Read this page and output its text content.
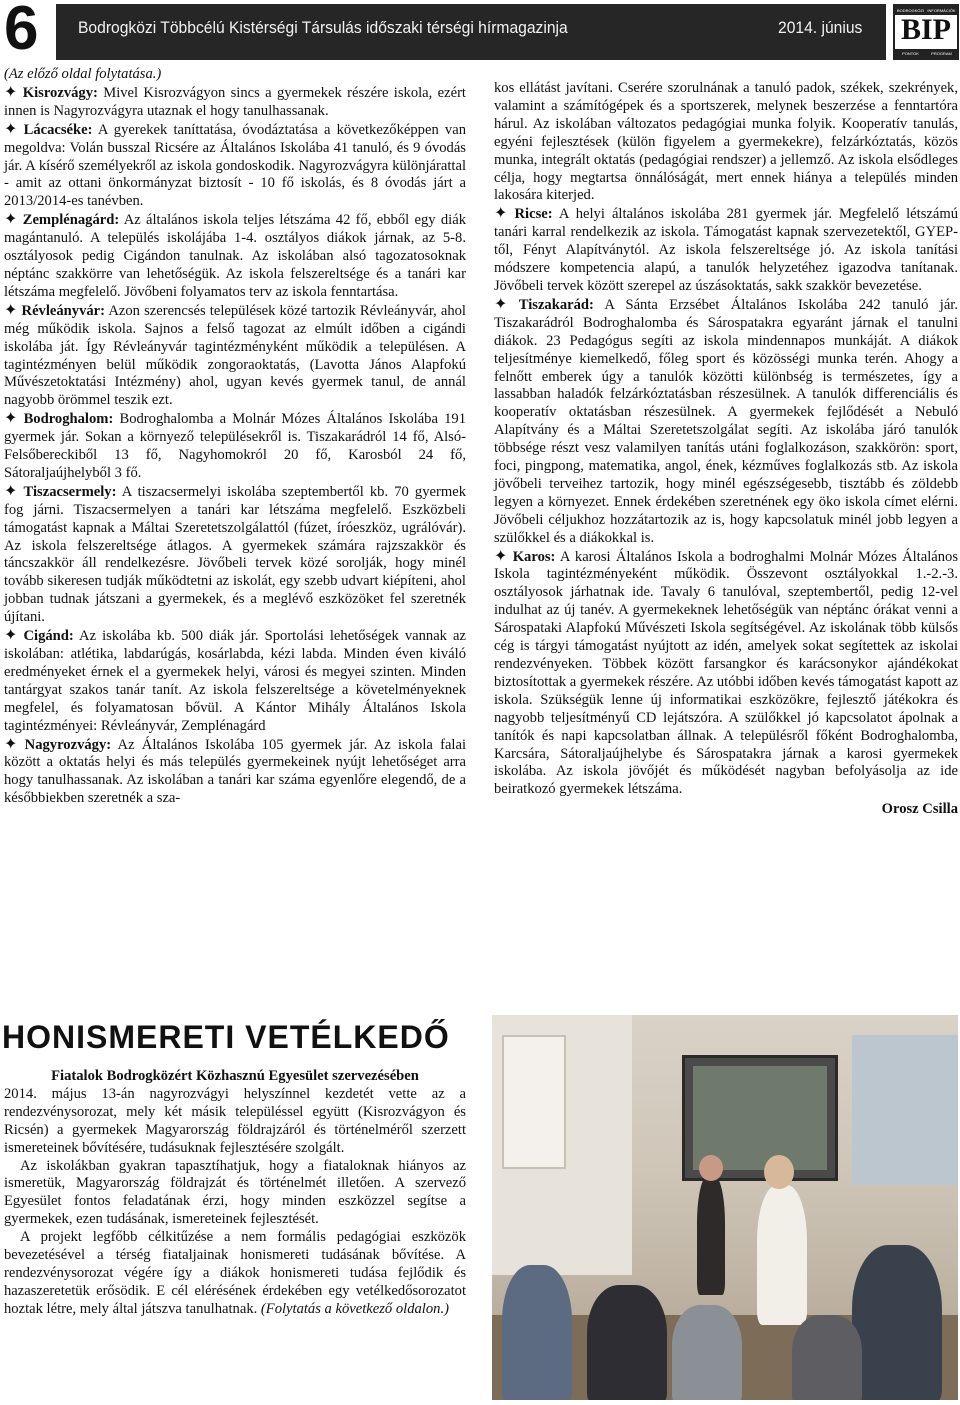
6 Bodrogközi Többcélú Kistérségi Társulás időszaki térségi hírmagazinja	2014. június
BODROGKÖZI INFORMÁCIÓK
BIP
PONTOK	PROGRAM

(Az előző oldal folytatása.)

✦ Kisrozvágy: Mivel Kisrozvágyon sincs a gyermekek részére iskola, ezért innen is Nagyrozvágyra utaznak el hogy tanulhassanak.

✦ Lácacséke: A gyerekek taníttatása, óvodáztatása a következőképpen van megoldva: Volán busszal Ricsére az Általános Iskolába 41 tanuló, és 9 óvodás jár. A kísérő személyekről az iskola gondoskodik. Nagyrozvágyra különjárattal - amit az ottani önkormányzat biztosít - 10 fő iskolás, és 8 óvodás járt a 2013/2014-es tanévben.

✦ Zemplénagárd: Az általános iskola teljes létszáma 42 fő, ebből egy diák magántanuló. A település iskolájába 1-4. osztályos diákok járnak, az 5-8. osztályosok pedig Cigándon tanulnak. Az iskolában alsó tagozatosoknak néptánc szakkörre van lehetőségük. Az iskola felszereltsége és a tanári kar létszáma megfelelő. Jövőbeni folyamatos terv az iskola fenntartása.

✦ Révleányvár: Azon szerencsés települések közé tartozik Révleányvár, ahol még működik iskola. Sajnos a felső tagozat az elmúlt időben a cigándi iskolába ját. Így Révleányvár tagintézményként működik a településen. A tagintézményen belül működik zongoraoktatás, (Lavotta János Alapfokú Művészetoktatási Intézmény) ahol, ugyan kevés gyermek tanul, de annál nagyobb örömmel teszik ezt.

✦ Bodroghalom: Bodroghalomba a Molnár Mózes Általános Iskolába 191 gyermek jár. Sokan a környező településekről is. Tiszakarádról 14 fő, Alsó-Felsőbereckiből 13 fő, Nagyhomokról 20 fő, Karosból 24 fő, Sátoraljaújhelyből 3 fő.

✦ Tiszacsermely: A tiszacsermelyi iskolába szeptembertől kb. 70 gyermek fog járni. Tiszacsermelyen a tanári kar létszáma megfelelő. Eszközbeli támogatást kapnak a Máltai Szeretetszolgálattól (fúzet, íróeszköz, ugrálóvár). Az iskola felszereltsége átlagos. A gyermekek számára rajzszakkör és táncszakkör áll rendelkezésre. Jövőbeli tervek közé sorolják, hogy minél tovább sikeresen tudják működtetni az iskolát, egy szebb udvart kiépíteni, ahol jobban tudnak játszani a gyermekek, és a meglévő eszközöket fel szeretnék újítani.

✦ Cigánd: Az iskolába kb. 500 diák jár. Sportolási lehetőségek vannak az iskolában: atlétika, labdarúgás, kosárlabda, kézi labda. Minden éven kiváló eredményeket érnek el a gyermekek helyi, városi és megyei szinten. Minden tantárgyat szakos tanár tanít. Az iskola felszereltsége a követelményeknek megfelel, és folyamatosan bővül. A Kántor Mihály Általános Iskola tagintézményei: Révleányvár, Zemplénagárd

✦ Nagyrozvágy: Az Általános Iskolába 105 gyermek jár. Az iskola falai között a oktatás helyi és más település gyermekeinek nyújt lehetőséget arra hogy tanulhassanak. Az iskolában a tanári kar száma egyenlőre elegendő, de a későbbiekben szeretnék a sza-

kos ellátást javítani. Cserére szorulnának a tanuló padok, székek, szekrények, valamint a számítógépek és a sportszerek, melynek beszerzése a fenntartóra hárul. Az iskolában változatos pedagógiai munka folyik. Kooperatív tanulás, egyéni fejlesztések (külön figyelem a gyermekekre), felzárkóztatás, közös munka, integrált oktatás (pedagógiai rendszer) a jellemző. Az iskola elsődleges célja, hogy megtartsa önnálóságát, mert ennek hiánya a település minden lakosára kiterjed.

✦ Ricse: A helyi általános iskolába 281 gyermek jár. Megfelelő létszámú tanári karral rendelkezik az iskola. Támogatást kapnak szervezetektől, GYEP-től, Fényt Alapítványtól. Az iskola felszereltsége jó. Az iskola tanítási módszere kompetencia alapú, a tanulók helyzetéhez igazodva tanítanak. Jövőbeli tervek között szerepel az úszásoktatás, sakk szakkör bevezetése.

✦ Tiszakarád: A Sánta Erzsébet Általános Iskolába 242 tanuló jár. Tiszakarádról Bodroghalomba és Sárospatakra egyaránt járnak el tanulni diákok. 23 Pedagógus segíti az iskola mindennapos munkáját. A diákok teljesítménye kiemelkedő, főleg sport és közösségi munka terén. Ahogy a felnőtt emberek úgy a tanulók közötti különbség is természetes, így a lassabban haladók felzárkóztatásban részesülnek. A tanulók differenciális és kooperatív oktatásban részesülnek. A gyermekek fejlődését a Nebuló Alapítvány és a Máltai Szeretetszolgálat segíti. Az iskolába járó tanulók többsége részt vesz valamilyen tanítás utáni foglalkozáson, szakkörön: sport, foci, pingpong, matematika, angol, ének, kézműves foglalkozás stb. Az iskola jövőbeli terveihez tartozik, hogy minél egészségesebb, tisztább és zöldebb legyen a környezet. Ennek érdekében szeretnének egy öko iskola címet elérni. Jövőbeli céljukhoz hozzátartozik az is, hogy kapcsolatuk minél jobb legyen a szülőkkel és a diákokkal is.

✦ Karos: A karosi Általános Iskola a bodroghalmi Molnár Mózes Általános Iskola tagintézményeként működik. Összevont osztályokkal 1.-2.-3. osztályosok járhatnak ide. Tavaly 6 tanulóval, szeptembertől, pedig 12-vel indulhat az új tanév. A gyermekeknek lehetőségük van néptánc órákat venni a Sárospataki Alapfokú Művészeti Iskola segítségével. Az iskolának több külsős cég is tárgyi támogatást nyújtott az idén, amelyek sokat segítettek az iskolai rendezvényeken. Többek között farsangkor és karácsonykor ajándékokat biztosítottak a gyermekek részére. Az utóbbi időben kevés támogatást kapott az iskola. Szükségük lenne új informatikai eszközökre, fejlesztő játékokra és nagyobb teljesítményű CD lejátszóra. A szülőkkel jó kapcsolatot ápolnak a tanítók és napi kapcsolatban állnak. A településről főként Bodroghalomba, Karcsára, Sátoraljaújhelybe és Sárospatakra járnak a karosi gyermekek iskolába. Az iskola jövőjét és működését nagyban befolyásolja az ide beiratkozó gyermekek létszáma.

Orosz Csilla

HONISMERETI VETÉLKEDŐ

Fiatalok Bodrogközért Közhasznú Egyesület szervezésében

2014. május 13-án nagyrozvágyi helyszínnel kezdetét vette az a rendezvénysorozat, mely két másik településsel együtt (Kisrozvágyon és Ricsén) a gyermekek Magyarország földrajzáról és történelméről szerzett ismereteinek bővítésére, tudásuknak fejlesztésére szolgált.

Az iskolákban gyakran tapasztíhatjuk, hogy a fiataloknak hiányos az ismeretük, Magyarország földrajzát és történelmét illetően. A szervező Egyesület fontos feladatának érzi, hogy minden eszközzel segítse a gyermekek, ezen tudásának, ismereteinek fejlesztését.

A projekt legfőbb célkitűzése a nem formális pedagógiai eszközök bevezetésével a térség fiataljainak honismereti tudásának bővítése. A rendezvénysorozat végére így a diákok honismereti tudása fejlődik és hazaszeretetük erősödik. E cél elérésének érdekében egy vetélkedősorozatot hoztak létre, mely által játszva tanulhatnak. (Folytatás a következő oldalon.)
